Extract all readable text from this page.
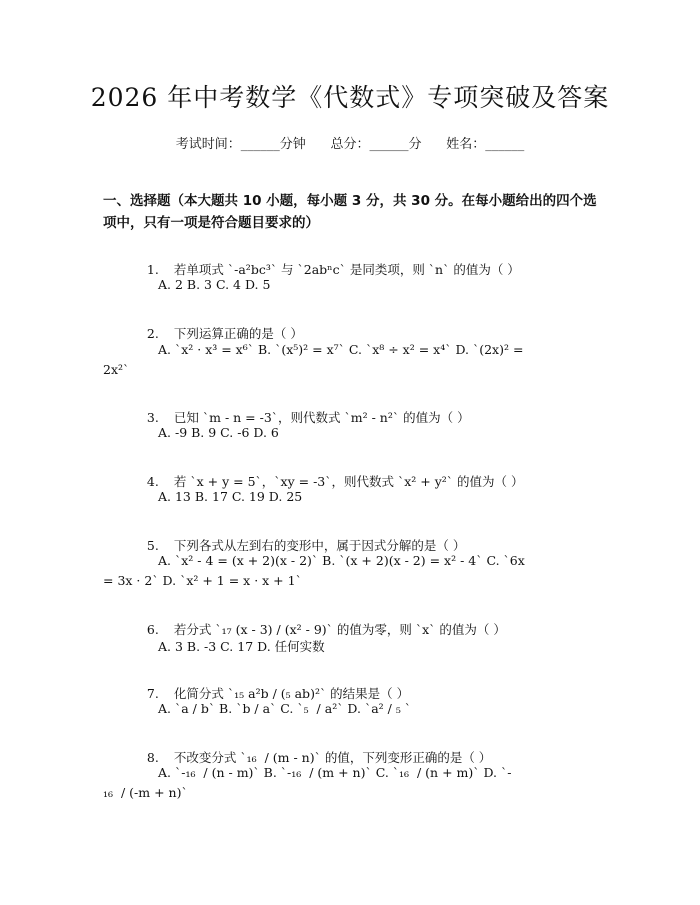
2026 年中考数学《代数式》专项突破及答案
考试时间：______分钟      总分：______分      姓名：______
一、选择题（本大题共 10 小题，每小题 3 分，共 30 分。在每小题给出的四个选项中，只有一项是符合题目要求的）

1. 若单项式 `-a²bc³` 与 `2abⁿc` 是同类项，则 `n` 的值为（ ）

A. 2 B. 3 C. 4 D. 5

2. 下列运算正确的是（ ）

A. `x² · x³ = x⁶` B. `(x⁵)² = x⁷` C. `x⁸ ÷ x² = x⁴` D. `(2x)² =
2x²`

3. 已知 `m - n = -3`，则代数式 `m² - n²` 的值为（ ）

A. -9 B. 9 C. -6 D. 6

4. 若 `x + y = 5`，`xy = -3`，则代数式 `x² + y²` 的值为（ ）

A. 13 B. 17 C. 19 D. 25

5. 下列各式从左到右的变形中，属于因式分解的是（ ）

A. `x² - 4 = (x + 2)(x - 2)` B. `(x + 2)(x - 2) = x² - 4` C. `6x
= 3x · 2` D. `x² + 1 = x · x + 1`

6. 若分式 `₁₇ (x - 3) / (x² - 9)` 的值为零，则 `x` 的值为（ ）

A. 3 B. -3 C. 17 D. 任何实数

7. 化简分式 `₁₅ a²b / (₅ ab)²` 的结果是（ ）

A. `a / b` B. `b / a` C. `₅  / a²` D. `a² / ₅ `

8. 不改变分式 `₁₆  / (m - n)` 的值，下列变形正确的是（ ）

A. `-₁₆  / (n - m)` B. `-₁₆  / (m + n)` C. `₁₆  / (n + m)` D. `-
₁₆  / (-m + n)`
